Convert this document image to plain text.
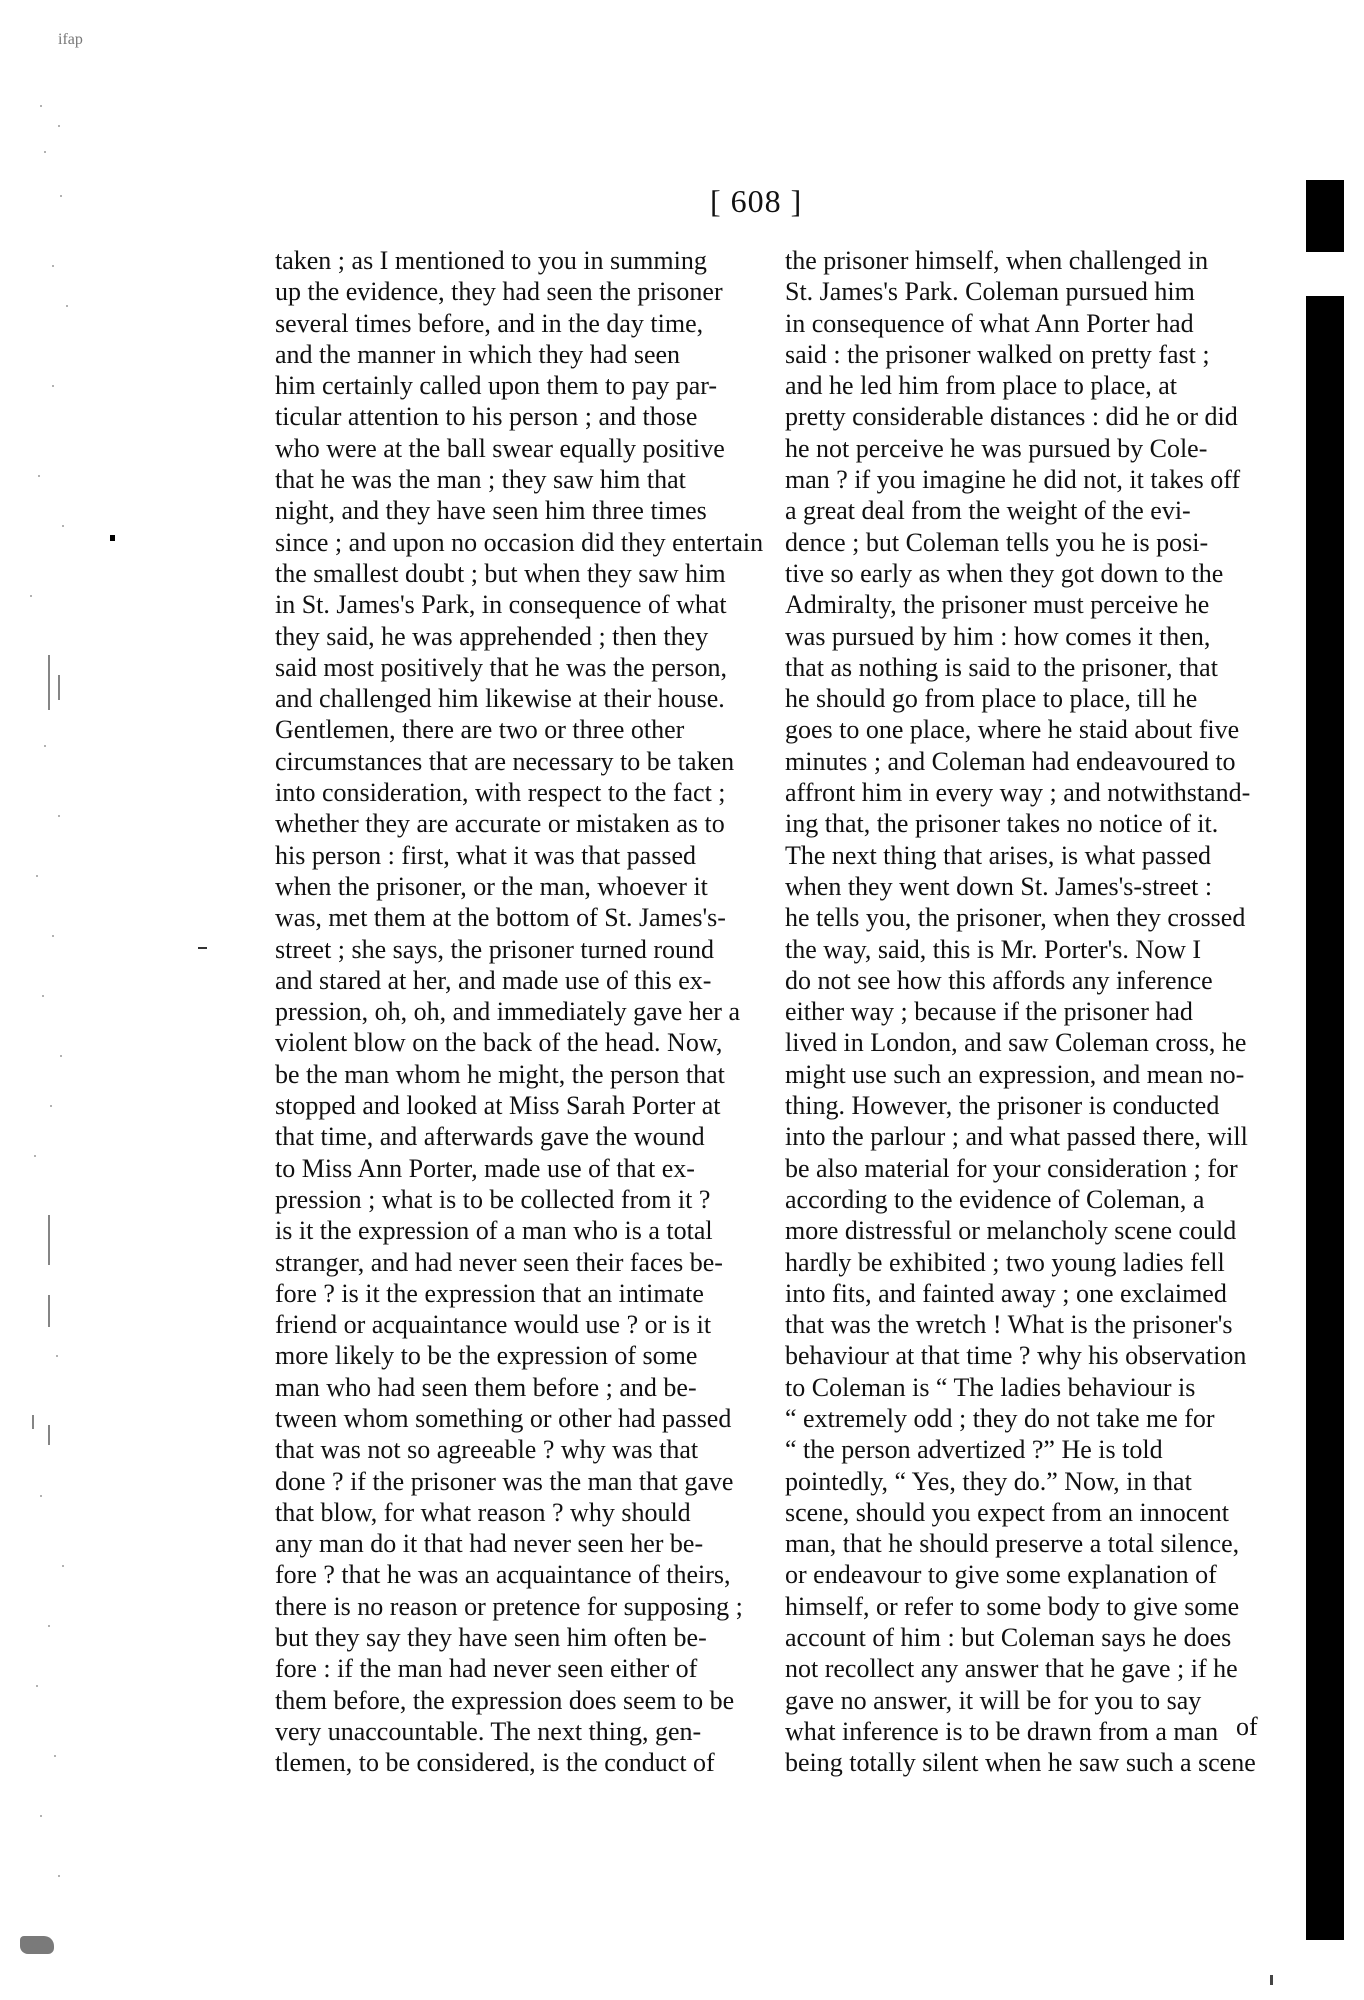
ifap
[ 608 ]
taken ; as I mentioned to you in summing
up the evidence, they had seen the prisoner
several times before, and in the day time,
and the manner in which they had seen
him certainly called upon them to pay par-
ticular attention to his person ; and those
who were at the ball swear equally positive
that he was the man ; they saw him that
night, and they have seen him three times
since ; and upon no occasion did they entertain
the smallest doubt ; but when they saw him
in St. James's Park, in consequence of what
they said, he was apprehended ; then they
said most positively that he was the person,
and challenged him likewise at their house.
Gentlemen, there are two or three other
circumstances that are necessary to be taken
into consideration, with respect to the fact ;
whether they are accurate or mistaken as to
his person : first, what it was that passed
when the prisoner, or the man, whoever it
was, met them at the bottom of St. James's-
street ; she says, the prisoner turned round
and stared at her, and made use of this ex-
pression, oh, oh, and immediately gave her a
violent blow on the back of the head. Now,
be the man whom he might, the person that
stopped and looked at Miss Sarah Porter at
that time, and afterwards gave the wound
to Miss Ann Porter, made use of that ex-
pression ; what is to be collected from it ?
is it the expression of a man who is a total
stranger, and had never seen their faces be-
fore ? is it the expression that an intimate
friend or acquaintance would use ? or is it
more likely to be the expression of some
man who had seen them before ; and be-
tween whom something or other had passed
that was not so agreeable ? why was that
done ? if the prisoner was the man that gave
that blow, for what reason ? why should
any man do it that had never seen her be-
fore ? that he was an acquaintance of theirs,
there is no reason or pretence for supposing ;
but they say they have seen him often be-
fore : if the man had never seen either of
them before, the expression does seem to be
very unaccountable. The next thing, gen-
tlemen, to be considered, is the conduct of
the prisoner himself, when challenged in
St. James's Park. Coleman pursued him
in consequence of what Ann Porter had
said : the prisoner walked on pretty fast ;
and he led him from place to place, at
pretty considerable distances : did he or did
he not perceive he was pursued by Cole-
man ? if you imagine he did not, it takes off
a great deal from the weight of the evi-
dence ; but Coleman tells you he is posi-
tive so early as when they got down to the
Admiralty, the prisoner must perceive he
was pursued by him : how comes it then,
that as nothing is said to the prisoner, that
he should go from place to place, till he
goes to one place, where he staid about five
minutes ; and Coleman had endeavoured to
affront him in every way ; and notwithstand-
ing that, the prisoner takes no notice of it.
The next thing that arises, is what passed
when they went down St. James's-street :
he tells you, the prisoner, when they crossed
the way, said, this is Mr. Porter's. Now I
do not see how this affords any inference
either way ; because if the prisoner had
lived in London, and saw Coleman cross, he
might use such an expression, and mean no-
thing. However, the prisoner is conducted
into the parlour ; and what passed there, will
be also material for your consideration ; for
according to the evidence of Coleman, a
more distressful or melancholy scene could
hardly be exhibited ; two young ladies fell
into fits, and fainted away ; one exclaimed
that was the wretch ! What is the prisoner's
behaviour at that time ? why his observation
to Coleman is “ The ladies behaviour is
“ extremely odd ; they do not take me for
“ the person advertized ?” He is told
pointedly, “ Yes, they do.” Now, in that
scene, should you expect from an innocent
man, that he should preserve a total silence,
or endeavour to give some explanation of
himself, or refer to some body to give some
account of him : but Coleman says he does
not recollect any answer that he gave ; if he
gave no answer, it will be for you to say
what inference is to be drawn from a man
being totally silent when he saw such a scene
of
